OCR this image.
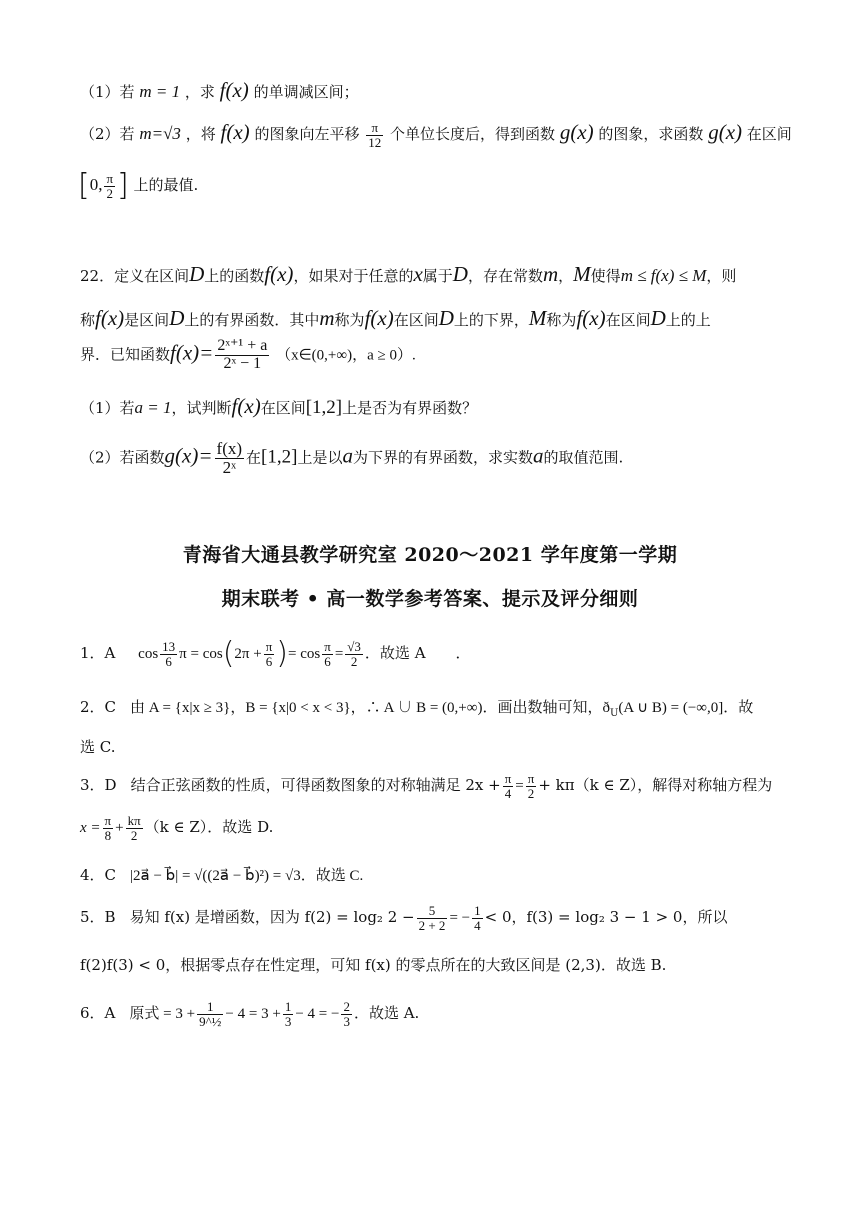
（1）若 m = 1 ，求 f(x) 的单调减区间；
（2）若 m=√3 ，将 f(x) 的图象向左平移 $\frac{\pi}{12}$ 个单位长度后，得到函数 g(x) 的图象，求函数 g(x) 在区间
[0, $\frac{\pi}{2}$ ] 上的最值.
22．定义在区间D上的函数f(x)，如果对于任意的x属于D，存在常数m，M使得m ≤ f(x) ≤ M，则
称f(x)是区间D上的有界函数．其中m称为f(x)在区间D上的下界，M称为f(x)在区间D上的上
界．已知函数$f(x)= \frac{\text{2ˣ⁺¹ + a}}{\text{2ˣ − 1}}$ （x∈(0,+∞)，a ≥ 0）.
（1）若a = 1，试判断f(x)在区间[1,2]上是否为有界函数？
（2）若函数$g(x)= \frac{f(x)}{\text{2ˣ}}$ 在[1,2]上是以a为下界的有界函数，求实数a的取值范围.
青海省大通县教学研究室 2020～2021 学年度第一学期
期末联考 • 高一数学参考答案、提示及评分细则
1．A $\cos \frac{13}{6}$ $\pi = \cos(2\pi + \frac{\pi}{6}$ )= $\cos \frac{\pi}{6} = \frac{√3}{2}$ ．故选 A　　．
2．C 由 A = {x|x ≥ 3}，B = {x|0 < x < 3}，∴ A ∪ B = (0,+∞)．画出数轴可知，$ð_U(A$ ∪ B) = (−∞,0]．故
选 C.
3．D 结合正弦函数的性质，可得函数图象的对称轴满足 $2x + \frac{\pi}{4} = \frac{\pi}{2} + k\pi(k$ ∈ Z），解得对称轴方程为
$x = \frac{\pi}{8} + \frac{k\pi}{2} (k$ ∈ Z）．故选 D.
4．C |2a⃗ − b⃗| = √((2a⃗ − b⃗)²) = √3．故选 C.
5．B 易知 f(x) 是增函数，因为 f(2) = log₂ $2 - \frac{5}{2 + 2}$ = − $\frac{1}{4} < 0$，f(3) = log₂ 3 − 1 > 0，所以
f(2)f(3) < 0，根据零点存在性定理，可知 f(x) 的零点所在的大致区间是 (2,3)．故选 B.
6．A 原式 = $3 + \frac{1}{\text{9\textasciicircum{}½}} - 4 = 3 + \frac{1}{3} - 4$ = − $\frac{2}{3}$ ．故选 A.
